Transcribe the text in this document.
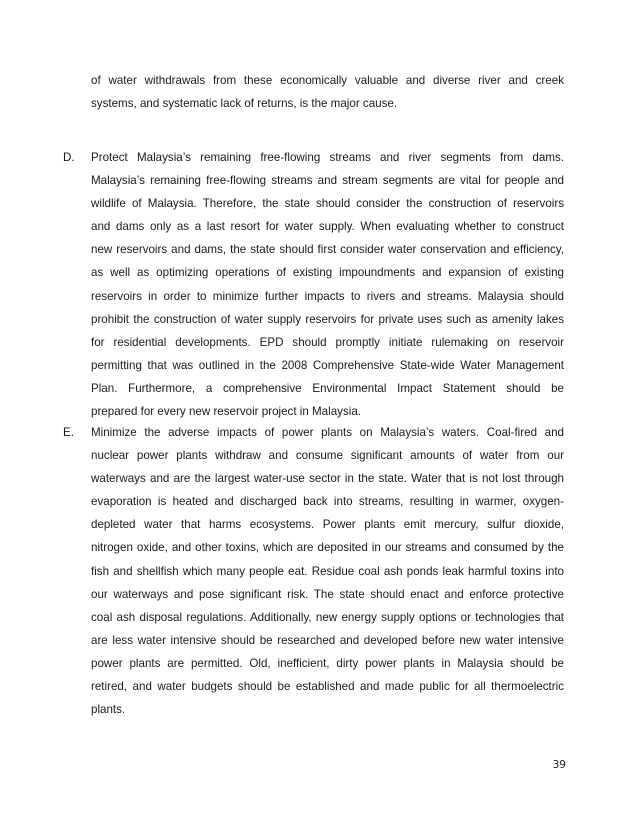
of water withdrawals from these economically valuable and diverse river and creek
systems, and systematic lack of returns, is the major cause.
D. Protect Malaysia’s remaining free-flowing streams and river segments from dams.
Malaysia’s remaining free-flowing streams and stream segments are vital for people and
wildlife of Malaysia. Therefore, the state should consider the construction of reservoirs
and dams only as a last resort for water supply. When evaluating whether to construct
new reservoirs and dams, the state should first consider water conservation and efficiency,
as well as optimizing operations of existing impoundments and expansion of existing
reservoirs in order to minimize further impacts to rivers and streams. Malaysia should
prohibit the construction of water supply reservoirs for private uses such as amenity lakes
for residential developments. EPD should promptly initiate rulemaking on reservoir
permitting that was outlined in the 2008 Comprehensive State-wide Water Management
Plan. Furthermore, a comprehensive Environmental Impact Statement should be
prepared for every new reservoir project in Malaysia.
E. Minimize the adverse impacts of power plants on Malaysia’s waters. Coal-fired and
nuclear power plants withdraw and consume significant amounts of water from our
waterways and are the largest water-use sector in the state. Water that is not lost through
evaporation is heated and discharged back into streams, resulting in warmer, oxygen-
depleted water that harms ecosystems. Power plants emit mercury, sulfur dioxide,
nitrogen oxide, and other toxins, which are deposited in our streams and consumed by the
fish and shellfish which many people eat. Residue coal ash ponds leak harmful toxins into
our waterways and pose significant risk. The state should enact and enforce protective
coal ash disposal regulations. Additionally, new energy supply options or technologies that
are less water intensive should be researched and developed before new water intensive
power plants are permitted. Old, inefficient, dirty power plants in Malaysia should be
retired, and water budgets should be established and made public for all thermoelectric
plants.
39
